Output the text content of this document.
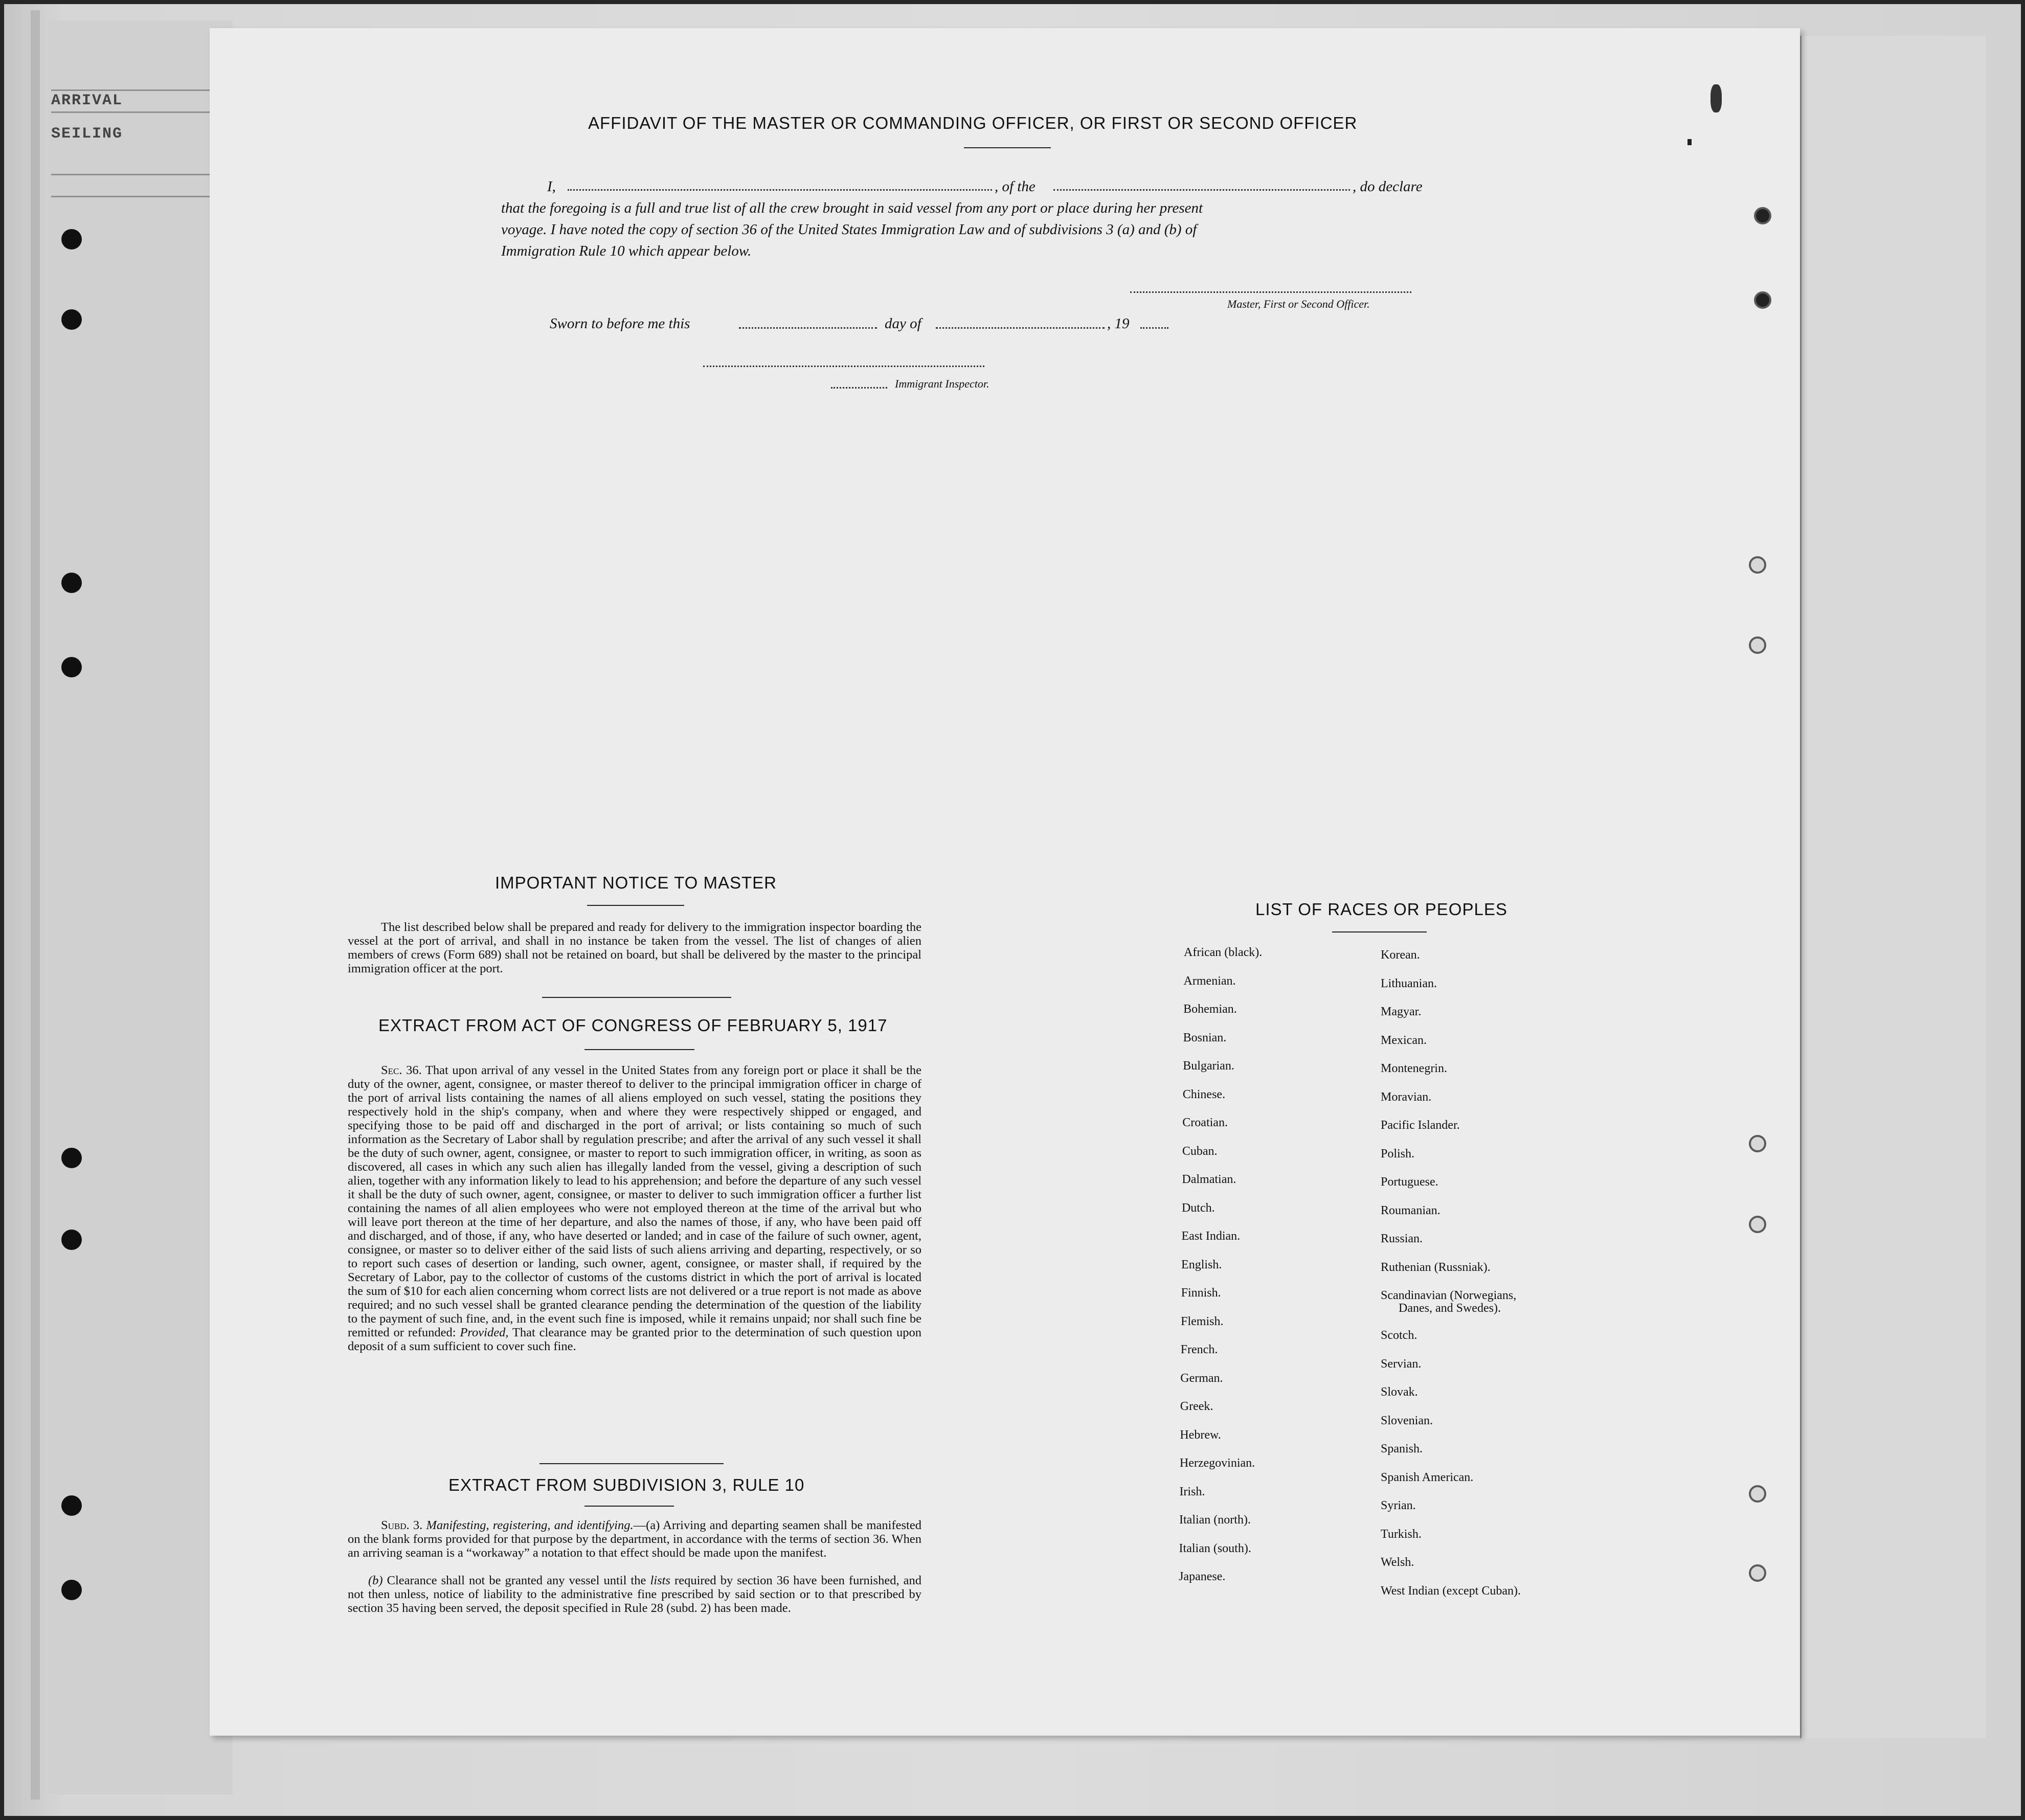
ARRIVAL
SEILING
AFFIDAVIT OF THE MASTER OR COMMANDING OFFICER, OR FIRST OR SECOND OFFICER
I,	, of the	, do declare
that the foregoing is a full and true list of all the crew brought in said vessel from any port or place during her present
voyage. I have noted the copy of section 36 of the United States Immigration Law and of subdivisions 3 (a) and (b) of
Immigration Rule 10 which appear below.
Master, First or Second Officer.
Sworn to before me this	day of	, 19
Immigrant Inspector.
IMPORTANT NOTICE TO MASTER
The list described below shall be prepared and ready for delivery to the immigration inspector boarding the vessel at the port of arrival, and shall in no instance be taken from the vessel. The list of changes of alien members of crews (Form 689) shall not be retained on board, but shall be delivered by the master to the principal immigration officer at the port.
EXTRACT FROM ACT OF CONGRESS OF FEBRUARY 5, 1917
Sec. 36. That upon arrival of any vessel in the United States from any foreign port or place it shall be the duty of the owner, agent, consignee, or master thereof to deliver to the principal immigration officer in charge of the port of arrival lists containing the names of all aliens employed on such vessel, stating the positions they respectively hold in the ship's company, when and where they were respectively shipped or engaged, and specifying those to be paid off and discharged in the port of arrival; or lists containing so much of such information as the Secretary of Labor shall by regulation prescribe; and after the arrival of any such vessel it shall be the duty of such owner, agent, consignee, or master to report to such immigration officer, in writing, as soon as discovered, all cases in which any such alien has illegally landed from the vessel, giving a description of such alien, together with any information likely to lead to his apprehension; and before the departure of any such vessel it shall be the duty of such owner, agent, consignee, or master to deliver to such immigration officer a further list containing the names of all alien employees who were not employed thereon at the time of the arrival but who will leave port thereon at the time of her departure, and also the names of those, if any, who have been paid off and discharged, and of those, if any, who have deserted or landed; and in case of the failure of such owner, agent, consignee, or master so to deliver either of the said lists of such aliens arriving and departing, respectively, or so to report such cases of desertion or landing, such owner, agent, consignee, or master shall, if required by the Secretary of Labor, pay to the collector of customs of the customs district in which the port of arrival is located the sum of $10 for each alien concerning whom correct lists are not delivered or a true report is not made as above required; and no such vessel shall be granted clearance pending the determination of the question of the liability to the payment of such fine, and, in the event such fine is imposed, while it remains unpaid; nor shall such fine be remitted or refunded: Provided, That clearance may be granted prior to the determination of such question upon deposit of a sum sufficient to cover such fine.
EXTRACT FROM SUBDIVISION 3, RULE 10
Subd. 3. Manifesting, registering, and identifying.—(a) Arriving and departing seamen shall be manifested on the blank forms provided for that purpose by the department, in accordance with the terms of section 36. When an arriving seaman is a “workaway” a notation to that effect should be made upon the manifest.
(b) Clearance shall not be granted any vessel until the lists required by section 36 have been furnished, and not then unless, notice of liability to the administrative fine prescribed by said section or to that prescribed by section 35 having been served, the deposit specified in Rule 28 (subd. 2) has been made.
LIST OF RACES OR PEOPLES
African (black).
Armenian.
Bohemian.
Bosnian.
Bulgarian.
Chinese.
Croatian.
Cuban.
Dalmatian.
Dutch.
East Indian.
English.
Finnish.
Flemish.
French.
German.
Greek.
Hebrew.
Herzegovinian.
Irish.
Italian (north).
Italian (south).
Japanese.
Korean.
Lithuanian.
Magyar.
Mexican.
Montenegrin.
Moravian.
Pacific Islander.
Polish.
Portuguese.
Roumanian.
Russian.
Ruthenian (Russniak).
Scandinavian (Norwegians,
Danes, and Swedes).
Scotch.
Servian.
Slovak.
Slovenian.
Spanish.
Spanish American.
Syrian.
Turkish.
Welsh.
West Indian (except Cuban).
